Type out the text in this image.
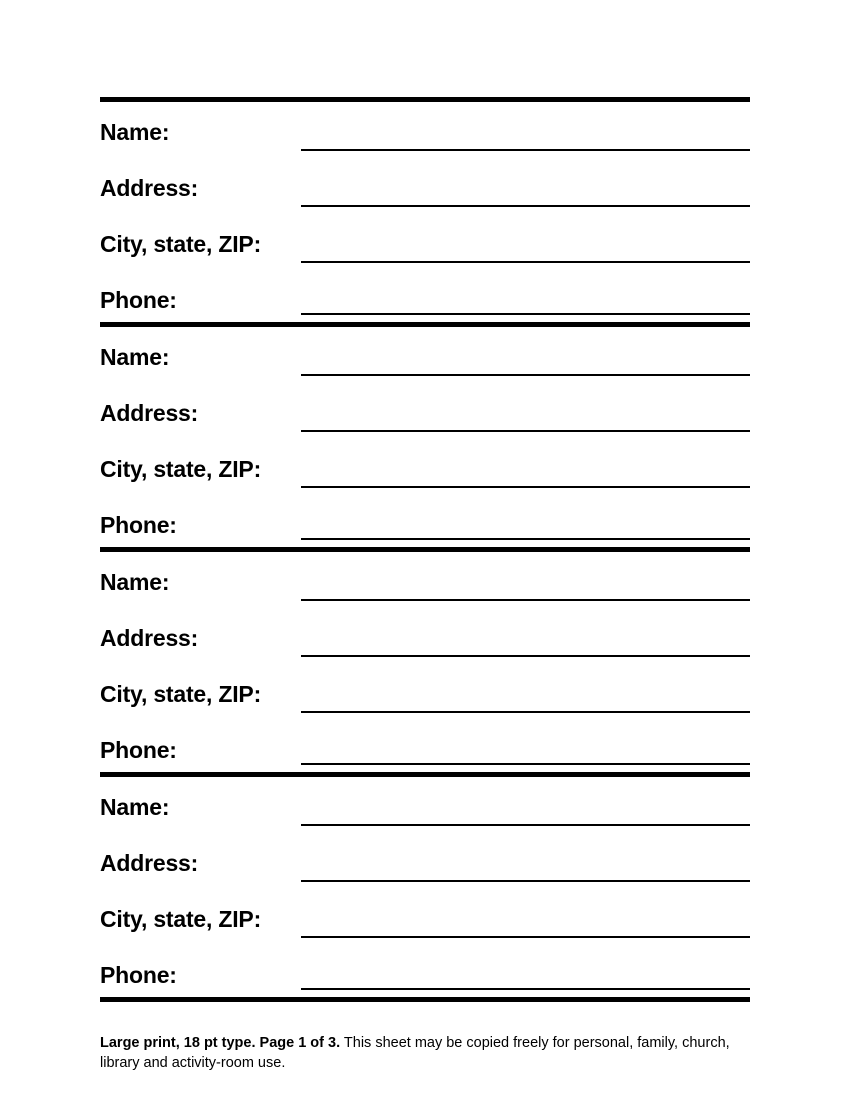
Name:
Address:
City, state, ZIP:
Phone:
Name:
Address:
City, state, ZIP:
Phone:
Name:
Address:
City, state, ZIP:
Phone:
Name:
Address:
City, state, ZIP:
Phone:
Large print, 18 pt type. Page 1 of 3. This sheet may be copied freely for personal, family, church, library and activity-room use.
